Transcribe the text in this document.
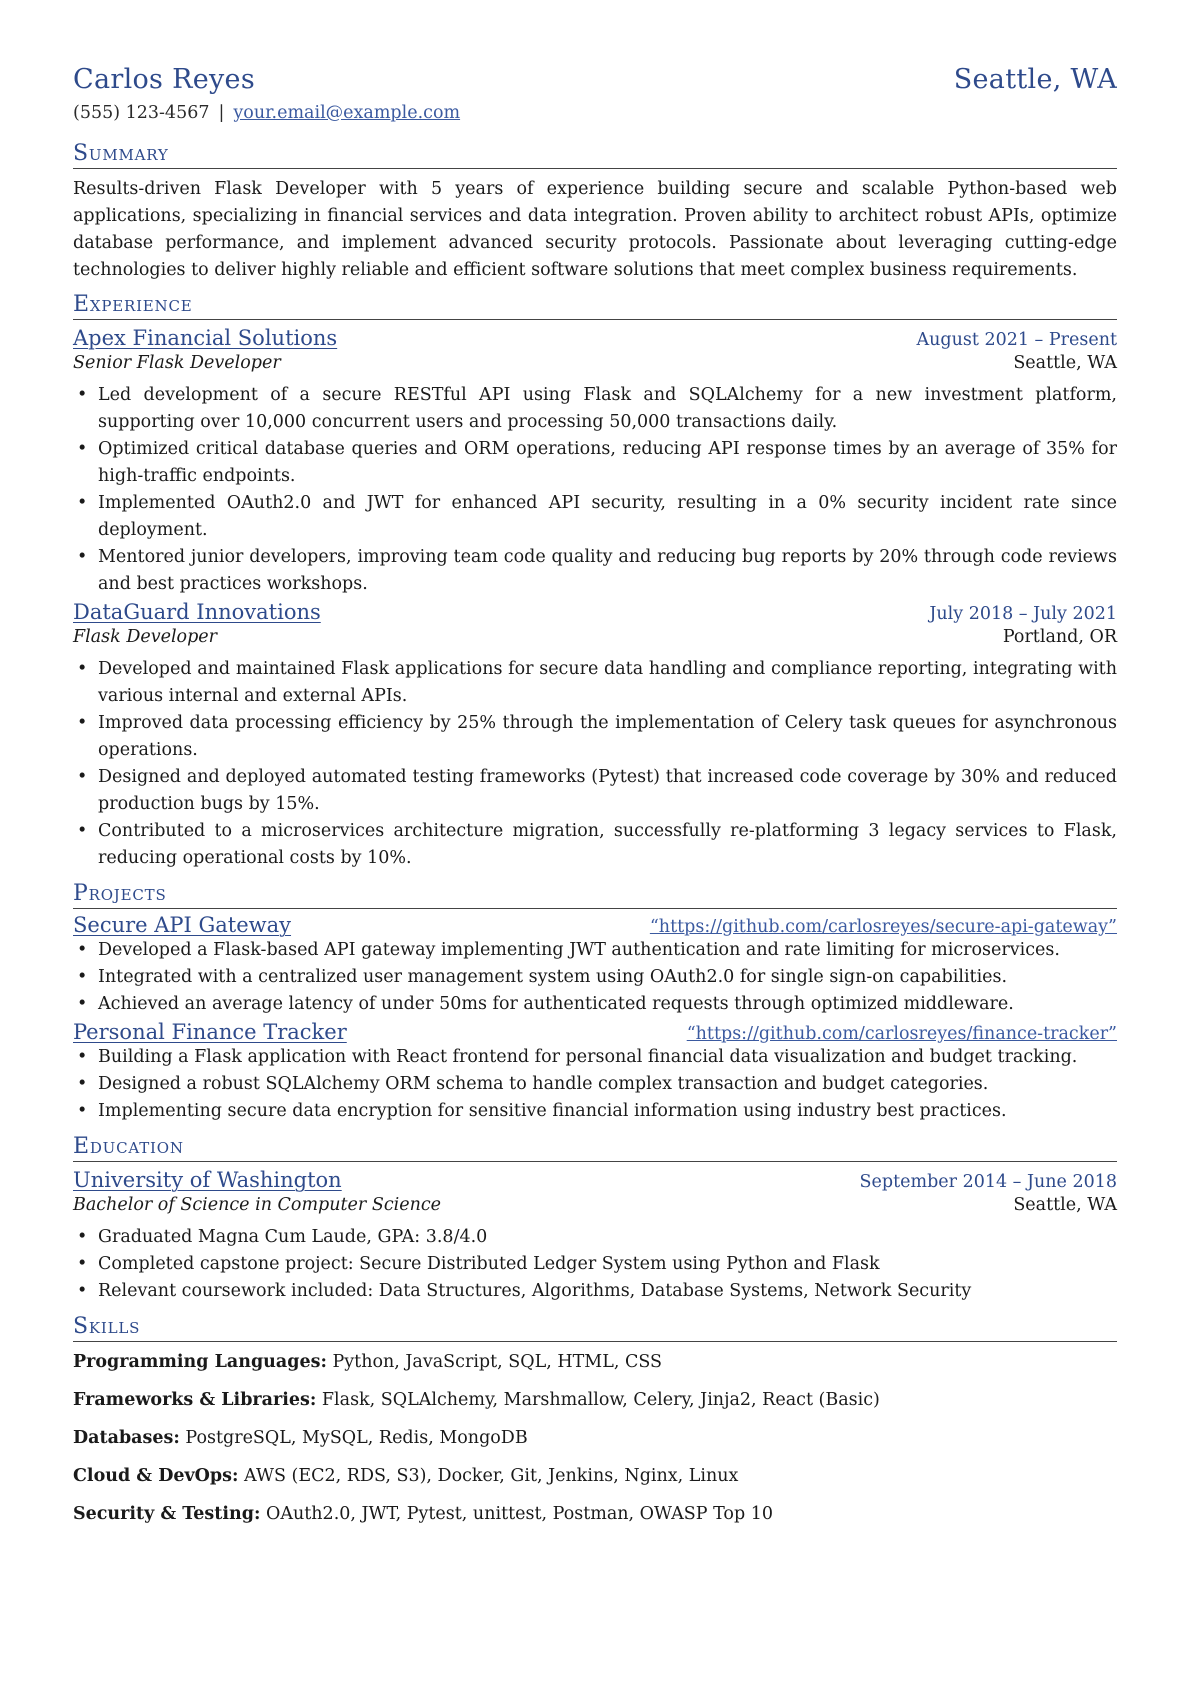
Carlos Reyes	Seattle, WA
(555) 123-4567 | your.email@example.com
Summary
Results-driven Flask Developer with 5 years of experience building secure and scalable Python-based web applications, specializing in financial services and data integration. Proven ability to architect robust APIs, optimize database performance, and implement advanced security protocols. Passionate about leveraging cutting-edge technologies to deliver highly reliable and efficient software solutions that meet complex business requirements.
Experience
Apex Financial Solutions	August 2021 – Present
Senior Flask Developer	Seattle, WA
• Led development of a secure RESTful API using Flask and SQLAlchemy for a new investment platform, supporting over 10,000 concurrent users and processing 50,000 transactions daily.
• Optimized critical database queries and ORM operations, reducing API response times by an average of 35% for high-traffic endpoints.
• Implemented OAuth2.0 and JWT for enhanced API security, resulting in a 0% security incident rate since deployment.
• Mentored junior developers, improving team code quality and reducing bug reports by 20% through code reviews and best practices workshops.
DataGuard Innovations	July 2018 – July 2021
Flask Developer	Portland, OR
• Developed and maintained Flask applications for secure data handling and compliance reporting, integrating with various internal and external APIs.
• Improved data processing efficiency by 25% through the implementation of Celery task queues for asynchronous operations.
• Designed and deployed automated testing frameworks (Pytest) that increased code coverage by 30% and reduced production bugs by 15%.
• Contributed to a microservices architecture migration, successfully re-platforming 3 legacy services to Flask, reducing operational costs by 10%.
Projects
Secure API Gateway	“https://github.com/carlosreyes/secure-api-gateway”
• Developed a Flask-based API gateway implementing JWT authentication and rate limiting for microservices.
• Integrated with a centralized user management system using OAuth2.0 for single sign-on capabilities.
• Achieved an average latency of under 50ms for authenticated requests through optimized middleware.
Personal Finance Tracker	“https://github.com/carlosreyes/finance-tracker”
• Building a Flask application with React frontend for personal financial data visualization and budget tracking.
• Designed a robust SQLAlchemy ORM schema to handle complex transaction and budget categories.
• Implementing secure data encryption for sensitive financial information using industry best practices.
Education
University of Washington	September 2014 – June 2018
Bachelor of Science in Computer Science	Seattle, WA
• Graduated Magna Cum Laude, GPA: 3.8/4.0
• Completed capstone project: Secure Distributed Ledger System using Python and Flask
• Relevant coursework included: Data Structures, Algorithms, Database Systems, Network Security
Skills
Programming Languages: Python, JavaScript, SQL, HTML, CSS
Frameworks & Libraries: Flask, SQLAlchemy, Marshmallow, Celery, Jinja2, React (Basic)
Databases: PostgreSQL, MySQL, Redis, MongoDB
Cloud & DevOps: AWS (EC2, RDS, S3), Docker, Git, Jenkins, Nginx, Linux
Security & Testing: OAuth2.0, JWT, Pytest, unittest, Postman, OWASP Top 10
